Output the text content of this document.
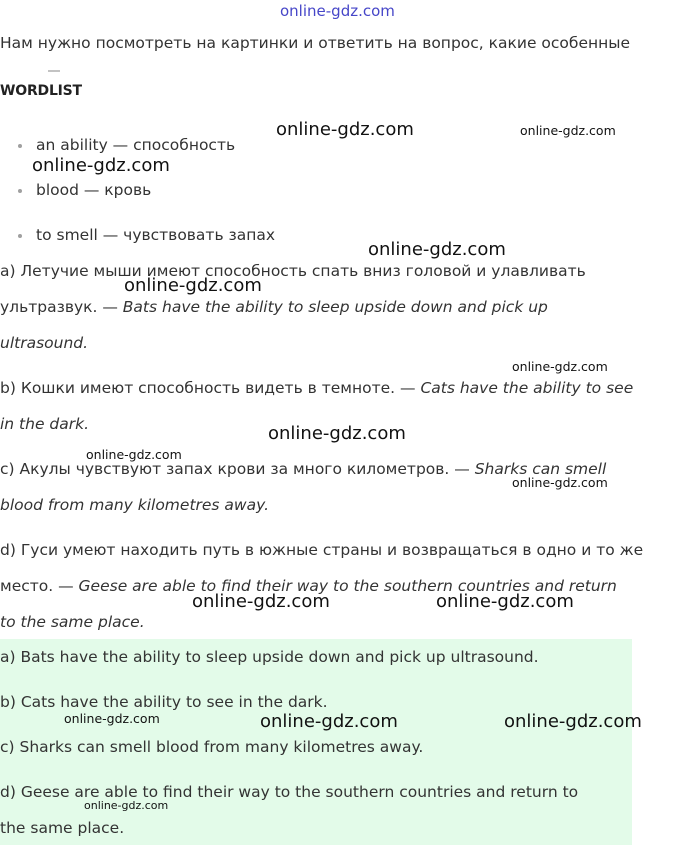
online-gdz.com
Нам нужно посмотреть на картинки и ответить на вопрос, какие особенные
WORDLIST
an ability — способность
blood — кровь
to smell — чувствовать запах
a) Летучие мыши имеют способность спать вниз головой и улавливать
ультразвук. — Bats have the ability to sleep upside down and pick up
ultrasound.
b) Кошки имеют способность видеть в темноте. — Cats have the ability to see
in the dark.
c) Акулы чувствуют запах крови за много километров. — Sharks can smell
blood from many kilometres away.
d) Гуси умеют находить путь в южные страны и возвращаться в одно и то же
место. — Geese are able to find their way to the southern countries and return
to the same place.
a) Bats have the ability to sleep upside down and pick up ultrasound.
b) Cats have the ability to see in the dark.
c) Sharks can smell blood from many kilometres away.
d) Geese are able to find their way to the southern countries and return to
the same place.
online-gdz.com	online-gdz.com
online-gdz.com
online-gdz.com
online-gdz.com
online-gdz.com
online-gdz.com
online-gdz.com
online-gdz.com
online-gdz.com	online-gdz.com
online-gdz.com	online-gdz.com	online-gdz.com
online-gdz.com
